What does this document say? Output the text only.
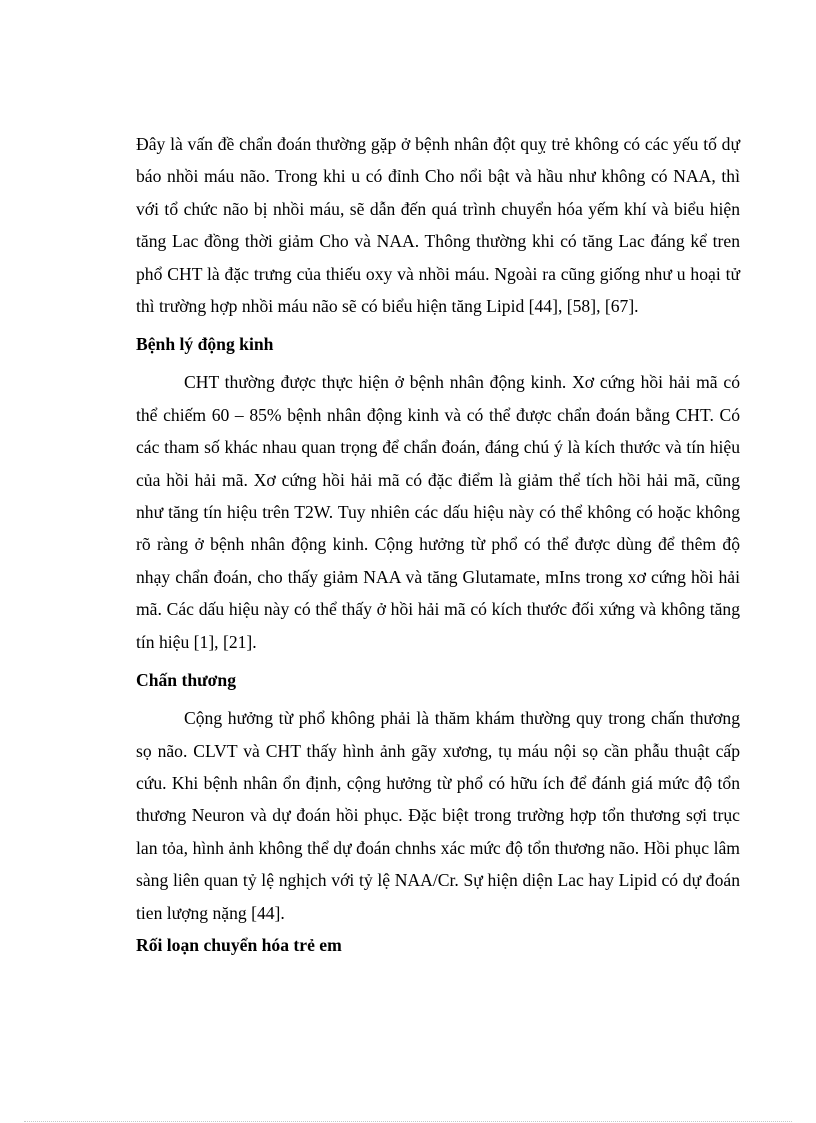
Đây là vấn đề chẩn đoán thường gặp ở bệnh nhân đột quỵ trẻ không có các yếu tố dự báo nhồi máu não. Trong khi u có đỉnh Cho nổi bật và hầu như không có NAA, thì với tổ chức não bị nhồi máu, sẽ dẫn đến quá trình chuyển hóa yếm khí và biểu hiện tăng Lac đồng thời giảm Cho và NAA. Thông thường khi có tăng Lac đáng kể tren phổ CHT là đặc trưng của thiếu oxy và nhồi máu. Ngoài ra cũng giống như u hoại tử thì trường hợp nhồi máu não sẽ có biểu hiện tăng Lipid [44], [58], [67].

Bệnh lý động kinh

CHT thường được thực hiện ở bệnh nhân động kinh. Xơ cứng hồi hải mã có thể chiếm 60 – 85% bệnh nhân động kinh và có thể được chẩn đoán bằng CHT. Có các tham số khác nhau quan trọng để chẩn đoán, đáng chú ý là kích thước và tín hiệu của hồi hải mã. Xơ cứng hồi hải mã có đặc điểm là giảm thể tích hồi hải mã, cũng như tăng tín hiệu trên T2W. Tuy nhiên các dấu hiệu này có thể không có hoặc không rõ ràng ở bệnh nhân động kinh. Cộng hưởng từ phổ có thể được dùng để thêm độ nhạy chẩn đoán, cho thấy giảm NAA và tăng Glutamate, mIns trong xơ cứng hồi hải mã. Các dấu hiệu này có thể thấy ở hồi hải mã có kích thước đối xứng và không tăng tín hiệu [1], [21].

Chấn thương

Cộng hưởng từ phổ không phải là thăm khám thường quy trong chấn thương sọ não. CLVT và CHT thấy hình ảnh gãy xương, tụ máu nội sọ cần phẫu thuật cấp cứu. Khi bệnh nhân ổn định, cộng hưởng từ phổ có hữu ích để đánh giá mức độ tổn thương Neuron và dự đoán hồi phục. Đặc biệt trong trường hợp tổn thương sợi trục lan tỏa, hình ảnh không thể dự đoán chnhs xác mức độ tổn thương não. Hồi phục lâm sàng liên quan tỷ lệ nghịch với tỷ lệ NAA/Cr. Sự hiện diện Lac hay Lipid có dự đoán tien lượng nặng [44].

Rối loạn chuyển hóa trẻ em
